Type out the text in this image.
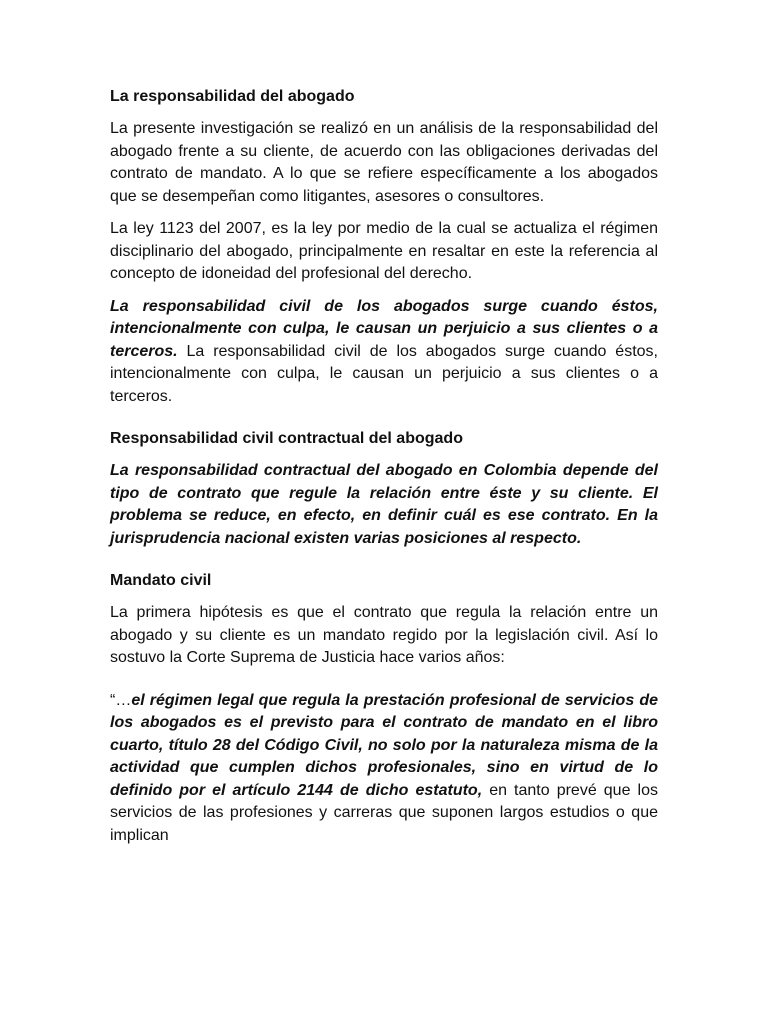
La responsabilidad del abogado

La presente investigación se realizó en un análisis de la responsabilidad del abogado frente a su cliente, de acuerdo con las obligaciones derivadas del contrato de mandato. A lo que se refiere específicamente a los abogados que se desempeñan como litigantes, asesores o consultores.

La ley 1123 del 2007, es la ley por medio de la cual se actualiza el régimen disciplinario del abogado, principalmente en resaltar en este la referencia al concepto de idoneidad del profesional del derecho.

La responsabilidad civil de los abogados surge cuando éstos, intencionalmente con culpa, le causan un perjuicio a sus clientes o a terceros. La responsabilidad civil de los abogados surge cuando éstos, intencionalmente con culpa, le causan un perjuicio a sus clientes o a terceros.

Responsabilidad civil contractual del abogado

La responsabilidad contractual del abogado en Colombia depende del tipo de contrato que regule la relación entre éste y su cliente. El problema se reduce, en efecto, en definir cuál es ese contrato. En la jurisprudencia nacional existen varias posiciones al respecto.

Mandato civil

La primera hipótesis es que el contrato que regula la relación entre un abogado y su cliente es un mandato regido por la legislación civil. Así lo sostuvo la Corte Suprema de Justicia hace varios años:

“…el régimen legal que regula la prestación profesional de servicios de los abogados es el previsto para el contrato de mandato en el libro cuarto, título 28 del Código Civil, no solo por la naturaleza misma de la actividad que cumplen dichos profesionales, sino en virtud de lo definido por el artículo 2144 de dicho estatuto, en tanto prevé que los servicios de las profesiones y carreras que suponen largos estudios o que implican
